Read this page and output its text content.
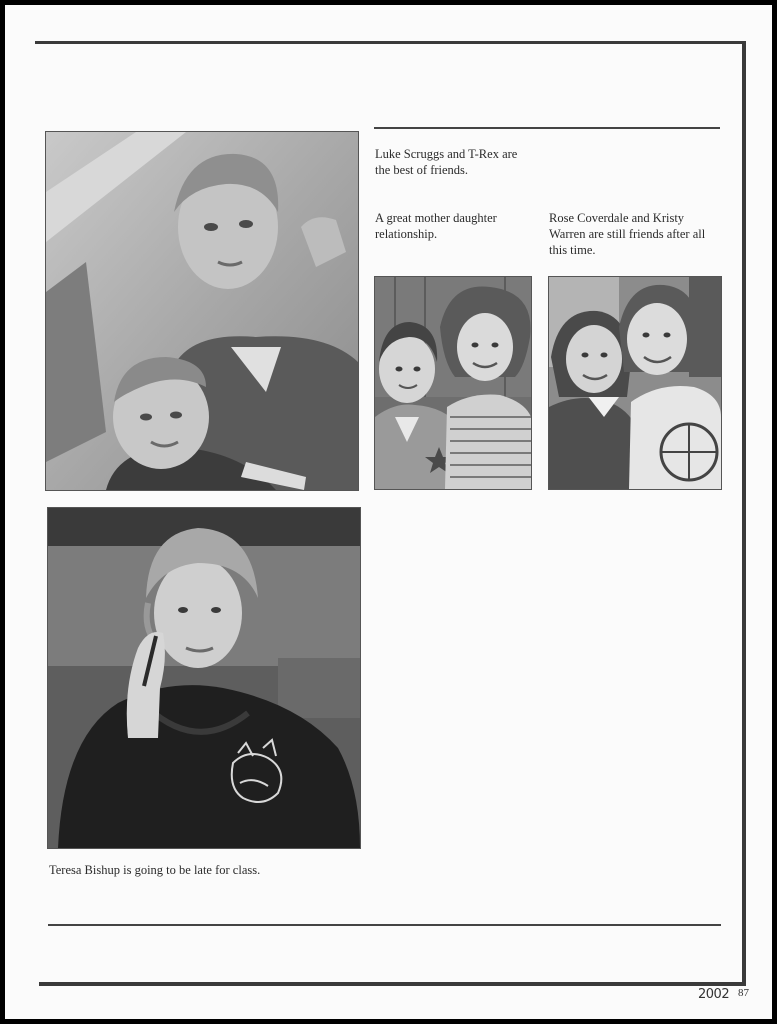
Luke Scruggs and T-Rex are the best of friends.
A great mother daughter relationship.
Rose Coverdale and Kristy Warren are still friends after all this time.
Teresa Bishup is going to be late for class.
2002 87
